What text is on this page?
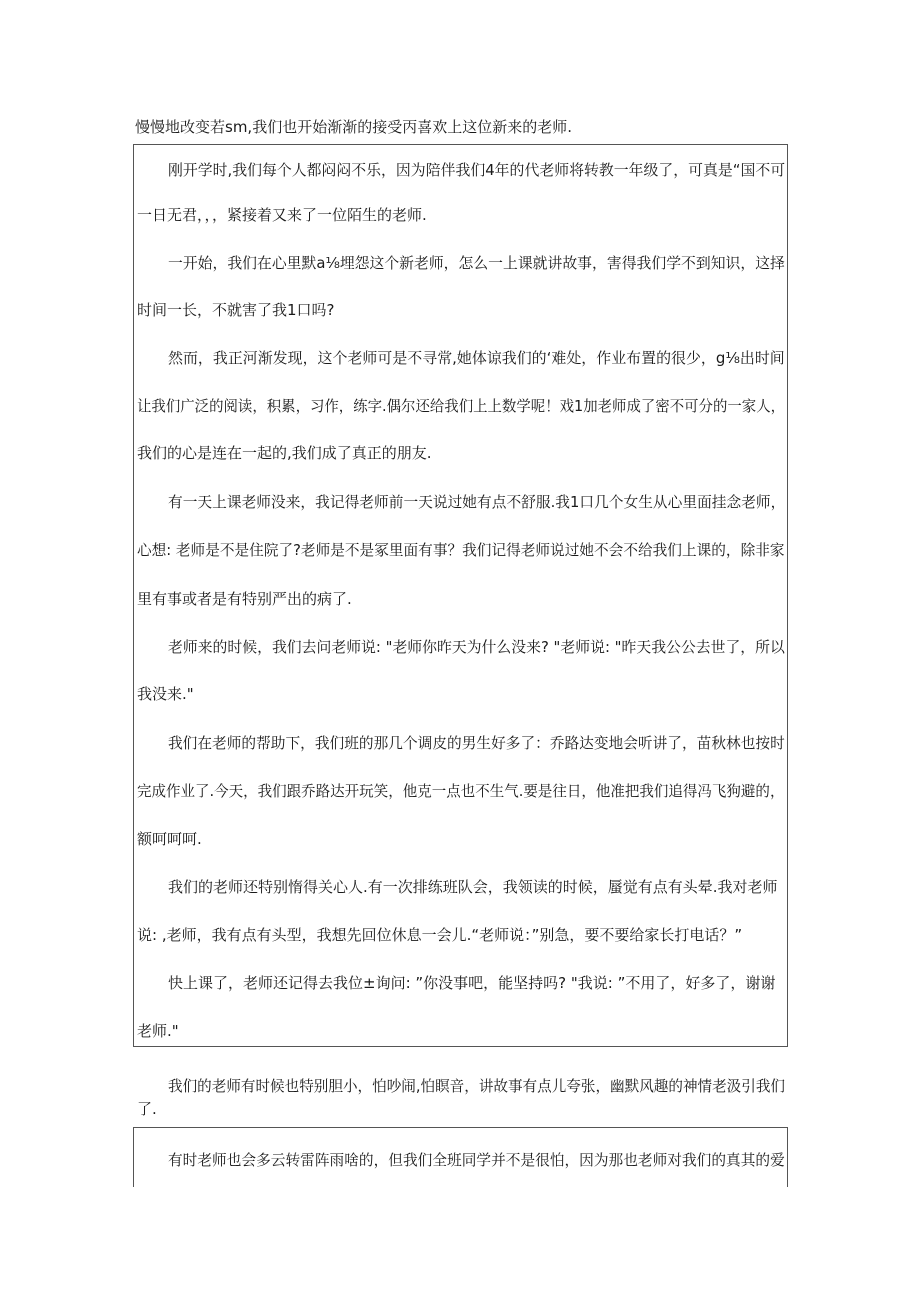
慢慢地改变若sm,我们也开始渐渐的接受丙喜欢上这位新来的老师.
刚开学时,我们每个人都闷闷不乐，因为陪伴我们4年的代老师将转教一年级了，可真是“国不可
一日无君，，，紧接着又来了一位陌生的老师.
一开始，我们在心里默a⅛埋怨这个新老师，怎么一上课就讲故事，害得我们学不到知识，这择
时间一长，不就害了我1口吗?
然而，我正河渐发现，这个老师可是不寻常,她体谅我们的‘难处，作业布置的很少，g⅛出时间
让我们广泛的阅读，积累，习作，练字.偶尔还给我们上上数学呢！戏1加老师成了密不可分的一家人，
我们的心是连在一起的,我们成了真正的朋友.
有一天上课老师没来，我记得老师前一天说过她有点不舒服.我1口几个女生从心里面挂念老师，
心想: 老师是不是住院了?老师是不是冢里面有事？我们记得老师说过她不会不给我们上课的，除非家
里有事或者是有特别严出的病了.
老师来的时候，我们去问老师说: "老师你昨天为什么没来? "老师说: "昨天我公公去世了，所以
我没来."
我们在老师的帮助下，我们班的那几个调皮的男生好多了：乔路达变地会听讲了，苗秋林也按时
完成作业了.今天，我们跟乔路达开玩笑，他克一点也不生气.要是往日，他准把我们追得冯飞狗避的，
额呵呵呵.
我们的老师还特别惰得关心人.有一次排练班队会，我领读的时候，蜃觉有点有头晕.我对老师
说: ,老师，我有点有头型，我想先回位休息一会儿.“老师说：”别急，要不要给家长打电话？”
快上课了，老师还记得去我位±询问: ”你没事吧，能坚持吗? "我说: ”不用了，好多了，谢谢
老师."
我们的老师有时候也特别胆小，怕吵闹,怕瞑音，讲故事有点儿夸张，幽默风趣的神情老汲引我们
了.
有时老师也会多云转雷阵雨啥的，但我们全班同学并不是很怕，因为那也老师对我们的真其的爱
